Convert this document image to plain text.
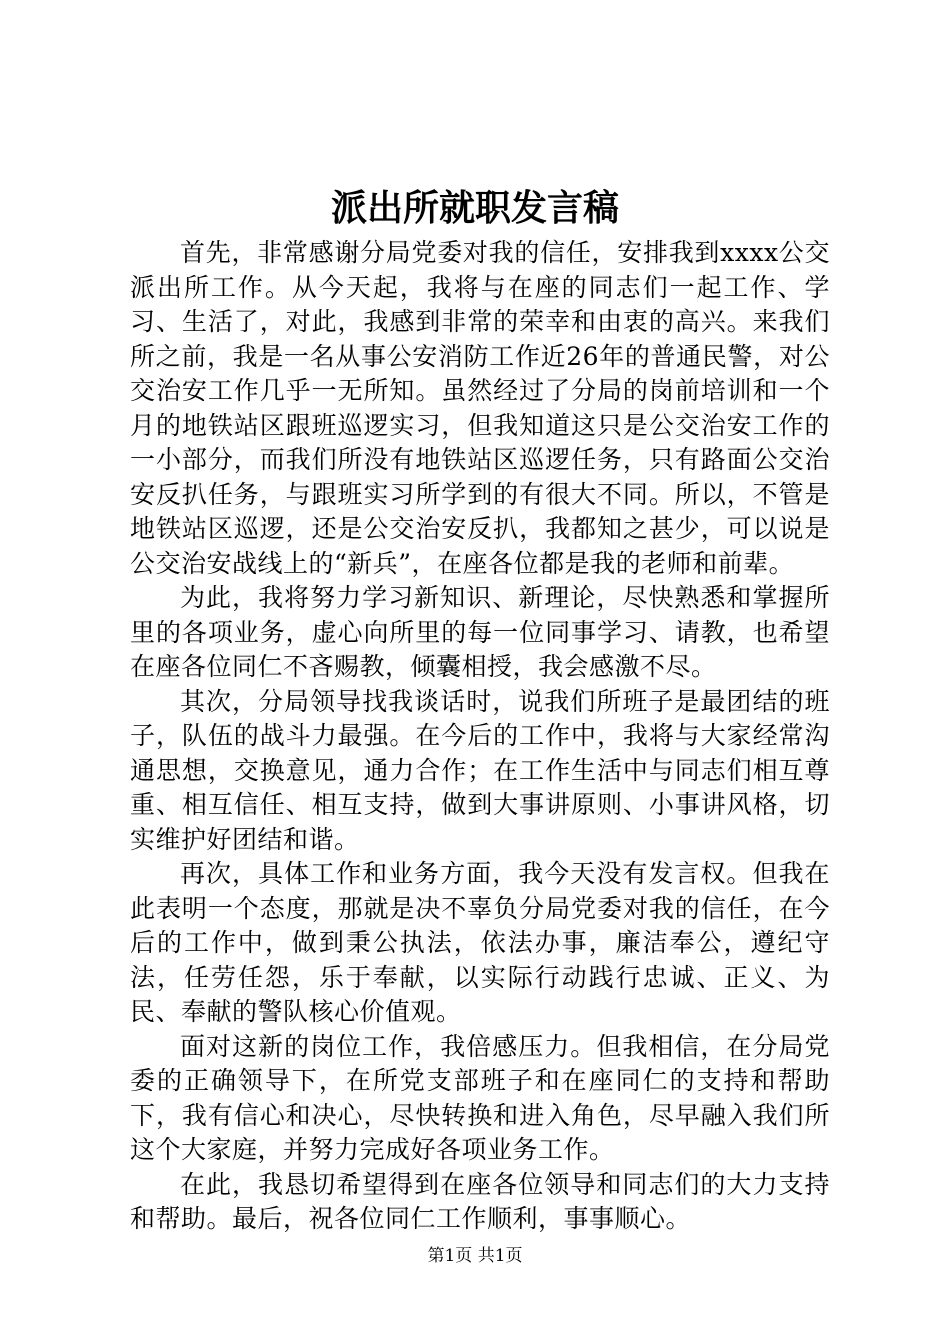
派出所就职发言稿

首先，非常感谢分局党委对我的信任，安排我到xxxx公交派出所工作。从今天起，我将与在座的同志们一起工作、学习、生活了，对此，我感到非常的荣幸和由衷的高兴。来我们所之前，我是一名从事公安消防工作近26年的普通民警，对公交治安工作几乎一无所知。虽然经过了分局的岗前培训和一个月的地铁站区跟班巡逻实习，但我知道这只是公交治安工作的一小部分，而我们所没有地铁站区巡逻任务，只有路面公交治安反扒任务，与跟班实习所学到的有很大不同。所以，不管是地铁站区巡逻，还是公交治安反扒，我都知之甚少，可以说是公交治安战线上的“新兵”，在座各位都是我的老师和前辈。

为此，我将努力学习新知识、新理论，尽快熟悉和掌握所里的各项业务，虚心向所里的每一位同事学习、请教，也希望在座各位同仁不吝赐教，倾囊相授，我会感激不尽。

其次，分局领导找我谈话时，说我们所班子是最团结的班子，队伍的战斗力最强。在今后的工作中，我将与大家经常沟通思想，交换意见，通力合作；在工作生活中与同志们相互尊重、相互信任、相互支持，做到大事讲原则、小事讲风格，切实维护好团结和谐。

再次，具体工作和业务方面，我今天没有发言权。但我在此表明一个态度，那就是决不辜负分局党委对我的信任，在今后的工作中，做到秉公执法，依法办事，廉洁奉公，遵纪守法，任劳任怨，乐于奉献，以实际行动践行忠诚、正义、为民、奉献的警队核心价值观。

面对这新的岗位工作，我倍感压力。但我相信，在分局党委的正确领导下，在所党支部班子和在座同仁的支持和帮助下，我有信心和决心，尽快转换和进入角色，尽早融入我们所这个大家庭，并努力完成好各项业务工作。

在此，我恳切希望得到在座各位领导和同志们的大力支持和帮助。最后，祝各位同仁工作顺利，事事顺心。

第1页 共1页
